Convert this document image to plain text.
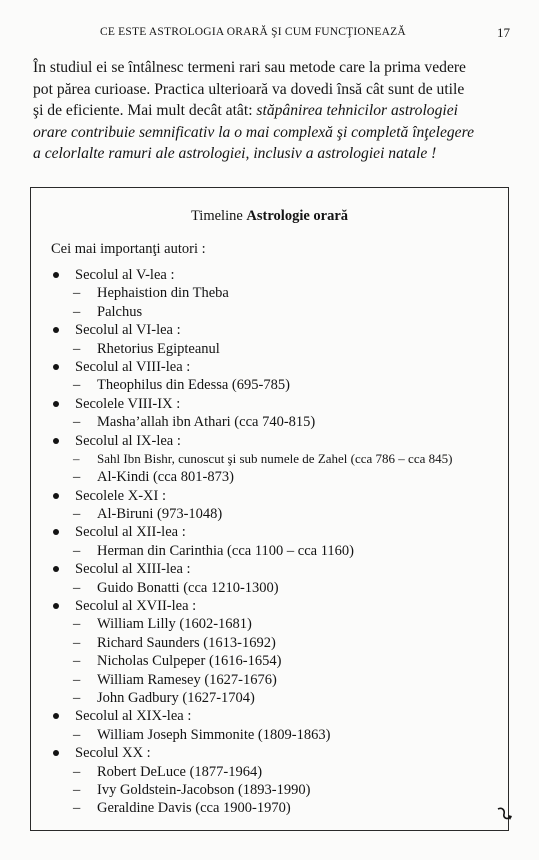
CE ESTE ASTROLOGIA ORARĂ ŞI CUM FUNCŢIONEAZĂ	17
În studiul ei se întâlnesc termeni rari sau metode care la prima vedere
pot părea curioase. Practica ulterioară va dovedi însă cât sunt de utile
şi de eficiente. Mai mult decât atât: stăpânirea tehnicilor astrologiei
orare contribuie semnificativ la o mai complexă şi completă înţelegere
a celorlalte ramuri ale astrologiei, inclusiv a astrologiei natale !
Timeline Astrologie orară
Cei mai importanţi autori :
Secolul al V-lea :
– Hephaistion din Theba
– Palchus
Secolul al VI-lea :
– Rhetorius Egipteanul
Secolul al VIII-lea :
– Theophilus din Edessa (695-785)
Secolele VIII-IX :
– Masha’allah ibn Athari (cca 740-815)
Secolul al IX-lea :
– Sahl Ibn Bishr, cunoscut şi sub numele de Zahel (cca 786 – cca 845)
– Al-Kindi (cca 801-873)
Secolele X-XI :
– Al-Biruni (973-1048)
Secolul al XII-lea :
– Herman din Carinthia (cca 1100 – cca 1160)
Secolul al XIII-lea :
– Guido Bonatti (cca 1210-1300)
Secolul al XVII-lea :
– William Lilly (1602-1681)
– Richard Saunders (1613-1692)
– Nicholas Culpeper (1616-1654)
– William Ramesey (1627-1676)
– John Gadbury (1627-1704)
Secolul al XIX-lea :
– William Joseph Simmonite (1809-1863)
Secolul XX :
– Robert DeLuce (1877-1964)
– Ivy Goldstein-Jacobson (1893-1990)
– Geraldine Davis (cca 1900-1970)
